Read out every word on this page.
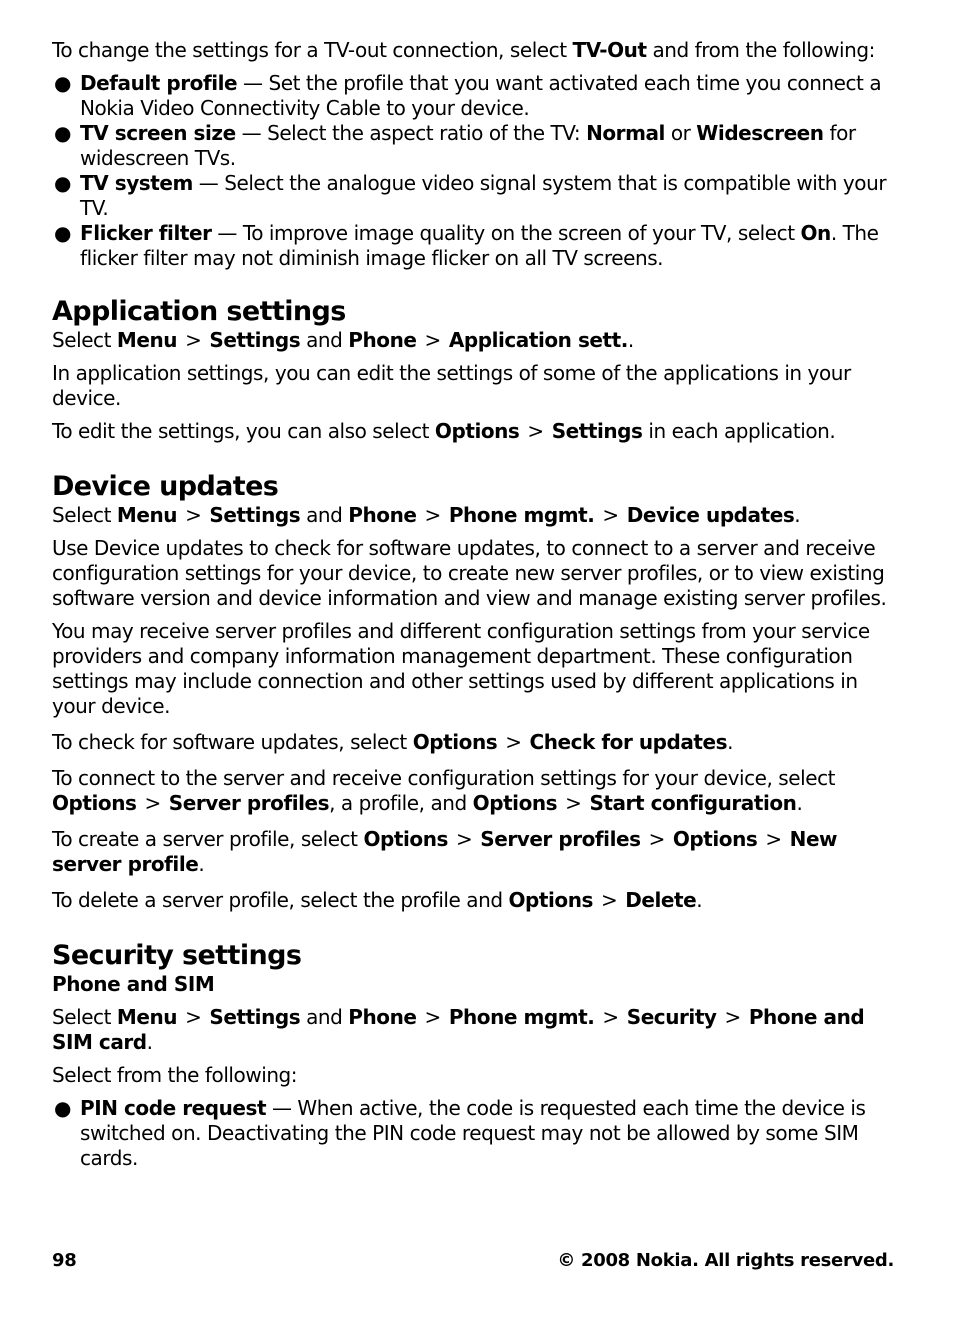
To change the settings for a TV-out connection, select TV-Out and from the following:

● Default profile — Set the profile that you want activated each time you connect a Nokia Video Connectivity Cable to your device.
● TV screen size — Select the aspect ratio of the TV: Normal or Widescreen for widescreen TVs.
● TV system — Select the analogue video signal system that is compatible with your TV.
● Flicker filter — To improve image quality on the screen of your TV, select On. The flicker filter may not diminish image flicker on all TV screens.
Application settings

Select Menu > Settings and Phone > Application sett..

In application settings, you can edit the settings of some of the applications in your device.

To edit the settings, you can also select Options > Settings in each application.

Device updates

Select Menu > Settings and Phone > Phone mgmt. > Device updates.

Use Device updates to check for software updates, to connect to a server and receive configuration settings for your device, to create new server profiles, or to view existing software version and device information and view and manage existing server profiles.

You may receive server profiles and different configuration settings from your service providers and company information management department. These configuration settings may include connection and other settings used by different applications in your device.

To check for software updates, select Options > Check for updates.

To connect to the server and receive configuration settings for your device, select Options > Server profiles, a profile, and Options > Start configuration.

To create a server profile, select Options > Server profiles > Options > New server profile.

To delete a server profile, select the profile and Options > Delete.

Security settings
Phone and SIM

Select Menu > Settings and Phone > Phone mgmt. > Security > Phone and SIM card.

Select from the following:

● PIN code request — When active, the code is requested each time the device is switched on. Deactivating the PIN code request may not be allowed by some SIM cards.
98	© 2008 Nokia. All rights reserved.
